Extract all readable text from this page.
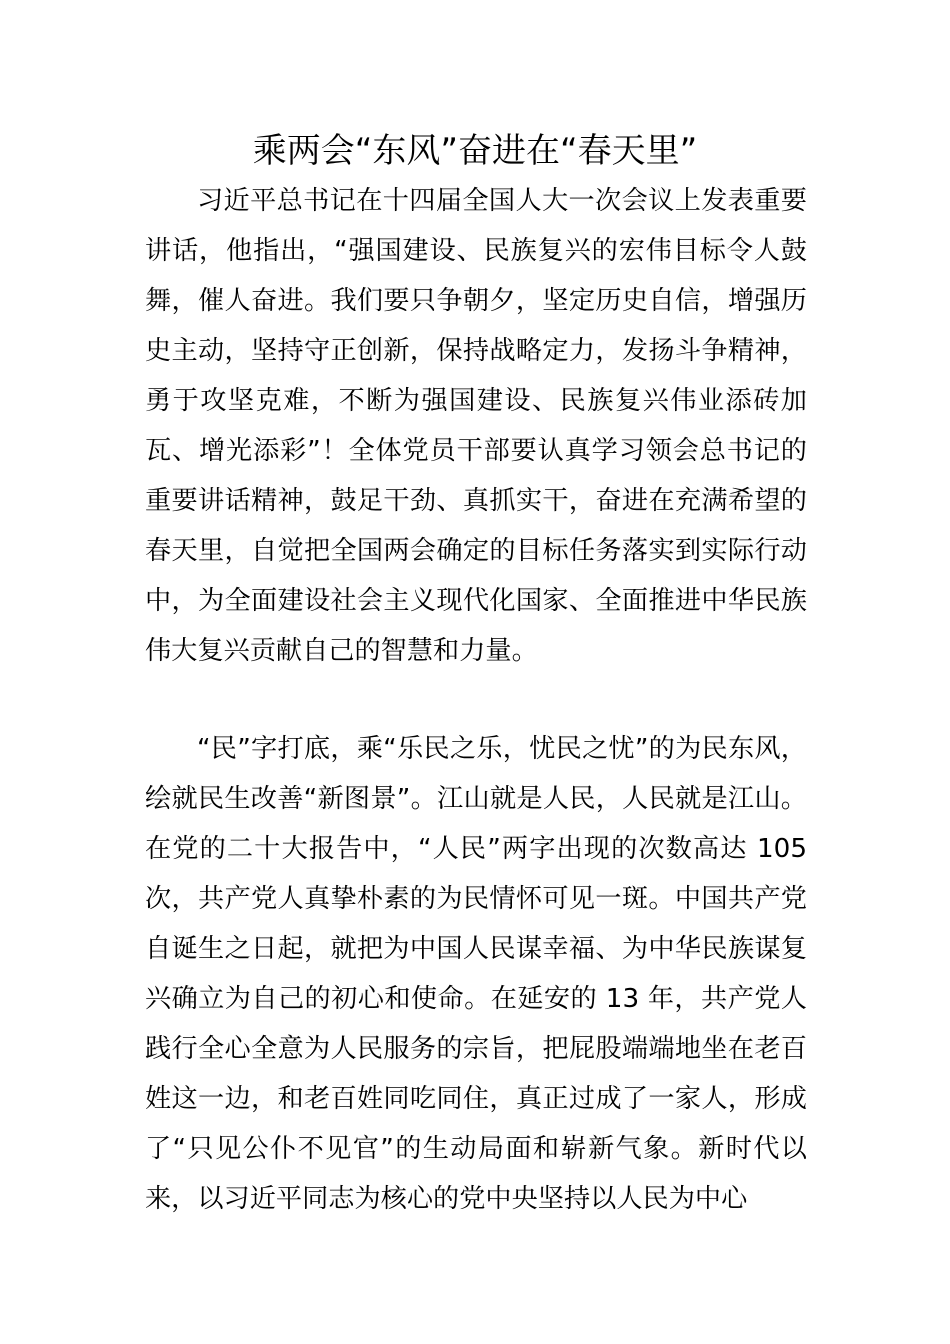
乘两会“东风”奋进在“春天里”

习近平总书记在十四届全国人大一次会议上发表重要讲话，他指出，“强国建设、民族复兴的宏伟目标令人鼓舞，催人奋进。我们要只争朝夕，坚定历史自信，增强历史主动，坚持守正创新，保持战略定力，发扬斗争精神，勇于攻坚克难，不断为强国建设、民族复兴伟业添砖加瓦、增光添彩”！全体党员干部要认真学习领会总书记的重要讲话精神，鼓足干劲、真抓实干，奋进在充满希望的春天里，自觉把全国两会确定的目标任务落实到实际行动中，为全面建设社会主义现代化国家、全面推进中华民族伟大复兴贡献自己的智慧和力量。

“民”字打底，乘“乐民之乐，忧民之忧”的为民东风，绘就民生改善“新图景”。江山就是人民，人民就是江山。在党的二十大报告中，“人民”两字出现的次数高达 105 次，共产党人真挚朴素的为民情怀可见一斑。中国共产党自诞生之日起，就把为中国人民谋幸福、为中华民族谋复兴确立为自己的初心和使命。在延安的 13 年，共产党人践行全心全意为人民服务的宗旨，把屁股端端地坐在老百姓这一边，和老百姓同吃同住，真正过成了一家人，形成了“只见公仆不见官”的生动局面和崭新气象。新时代以来，以习近平同志为核心的党中央坚持以人民为中心
